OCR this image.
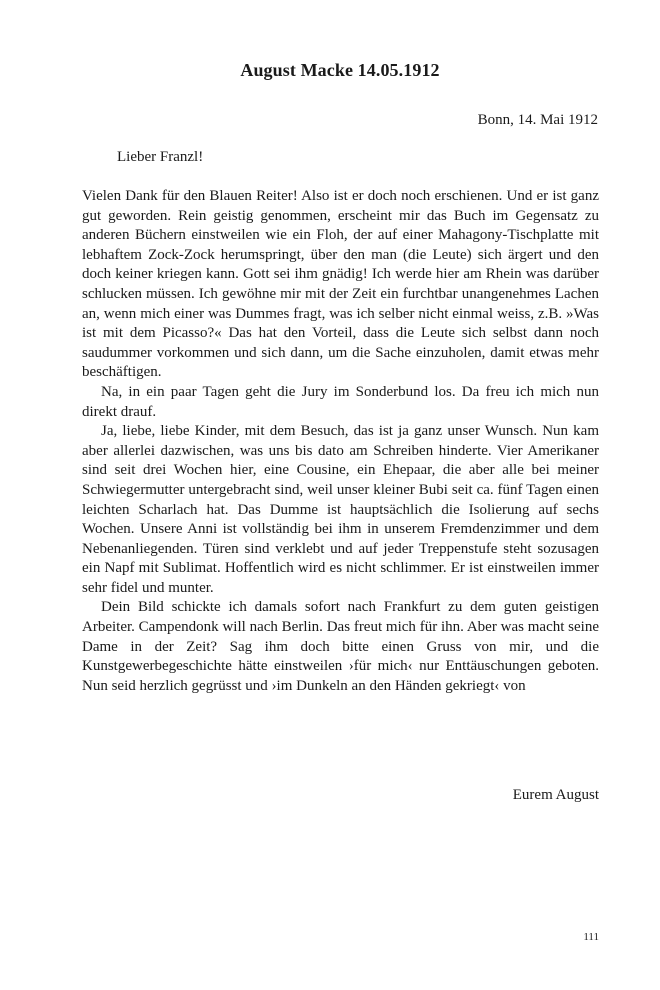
August Macke 14.05.1912
Bonn, 14. Mai 1912
Lieber Franzl!

Vielen Dank für den Blauen Reiter! Also ist er doch noch erschienen. Und er ist ganz gut geworden. Rein geistig genommen, erscheint mir das Buch im Gegensatz zu anderen Büchern einstweilen wie ein Floh, der auf einer Mahagony-Tischplatte mit lebhaftem Zock-Zock herumspringt, über den man (die Leute) sich ärgert und den doch keiner kriegen kann. Gott sei ihm gnädig! Ich werde hier am Rhein was darüber schlucken müssen. Ich gewöhne mir mit der Zeit ein furchtbar unangenehmes Lachen an, wenn mich einer was Dummes fragt, was ich selber nicht einmal weiss, z.B. »Was ist mit dem Picasso?« Das hat den Vorteil, dass die Leute sich selbst dann noch saudummer vorkommen und sich dann, um die Sache einzuholen, damit etwas mehr beschäftigen.

Na, in ein paar Tagen geht die Jury im Sonderbund los. Da freu ich mich nun direkt drauf.

Ja, liebe, liebe Kinder, mit dem Besuch, das ist ja ganz unser Wunsch. Nun kam aber allerlei dazwischen, was uns bis dato am Schreiben hinderte. Vier Amerikaner sind seit drei Wochen hier, eine Cousine, ein Ehepaar, die aber alle bei meiner Schwiegermutter untergebracht sind, weil unser kleiner Bubi seit ca. fünf Tagen einen leichten Scharlach hat. Das Dumme ist hauptsächlich die Isolierung auf sechs Wochen. Unsere Anni ist vollständig bei ihm in unserem Fremdenzimmer und dem Nebenanliegenden. Türen sind verklebt und auf jeder Treppenstufe steht sozusagen ein Napf mit Sublimat. Hoffentlich wird es nicht schlimmer. Er ist einstweilen immer sehr fidel und munter.

Dein Bild schickte ich damals sofort nach Frankfurt zu dem guten geistigen Arbeiter. Campendonk will nach Berlin. Das freut mich für ihn. Aber was macht seine Dame in der Zeit? Sag ihm doch bitte einen Gruss von mir, und die Kunstgewerbegeschichte hätte einstweilen ›für mich‹ nur Enttäuschungen geboten. Nun seid herzlich gegrüsst und ›im Dunkeln an den Händen gekriegt‹ von

Eurem August
111
